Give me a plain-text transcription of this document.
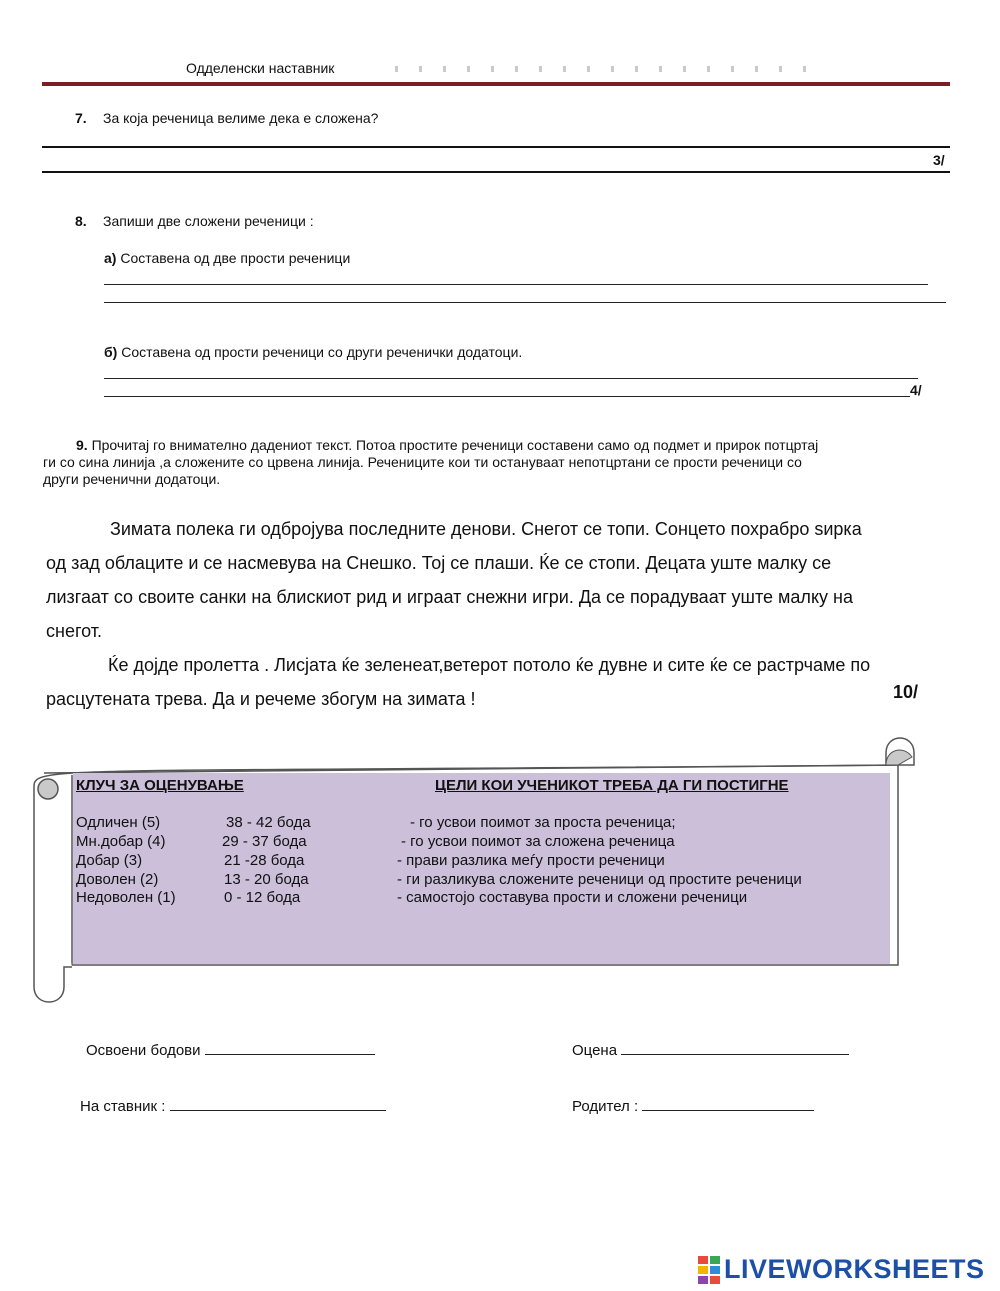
Одделенски наставник
7. За која реченица велиме дека е сложена?
3/
8. Запиши две сложени реченици :
а) Составена од две прости реченици
б) Составена од прости реченици со други реченички додатоци.
4/
9. Прочитај го внимателно дадениот текст. Потоа простите реченици составени само од подмет и прирок потцртај
ги со сина линија ,а сложените со црвена линија. Реченицитe кои ти остануваат непотцртани се прости реченици со
други реченични додатоци.
Зимата полека ги одбројува последните денови. Снегот се топи. Сонцето похрабро ѕирка
од зад облаците и се насмевува на Снешко. Тој се плаши. Ќе се стопи. Децата уште малку се
лизгаат со своите санки на блискиот рид и играат снежни игри. Да се порадуваат уште малку на
снегот.
Ќе дојде пролетта . Лисјата ќе зеленеат,ветерот потоло ќе дувне и сите ќе се растрчаме по
расцутената трева. Да и речеме збогум на зимата !	10/
КЛУЧ ЗА ОЦЕНУВАЊЕ	ЦЕЛИ КОИ УЧЕНИКОТ ТРЕБА ДА ГИ ПОСТИГНЕ
Одличен (5)	38 - 42 бода	- го усвои поимот за проста реченица;
Мн.добар (4)	29 - 37 бода	- го усвои поимот за сложена реченица
Добар (3)	21 -28 бода	- прави разлика меѓу прости реченици
Доволен (2)	13 - 20 бода	- ги разликува сложените реченици од простите реченици
Недоволен (1)	0 - 12 бода	- самостојо составува прости и сложени реченици
Освоени бодови	Оцена
На ставник :	Родител :
LIVEWORKSHEETS
